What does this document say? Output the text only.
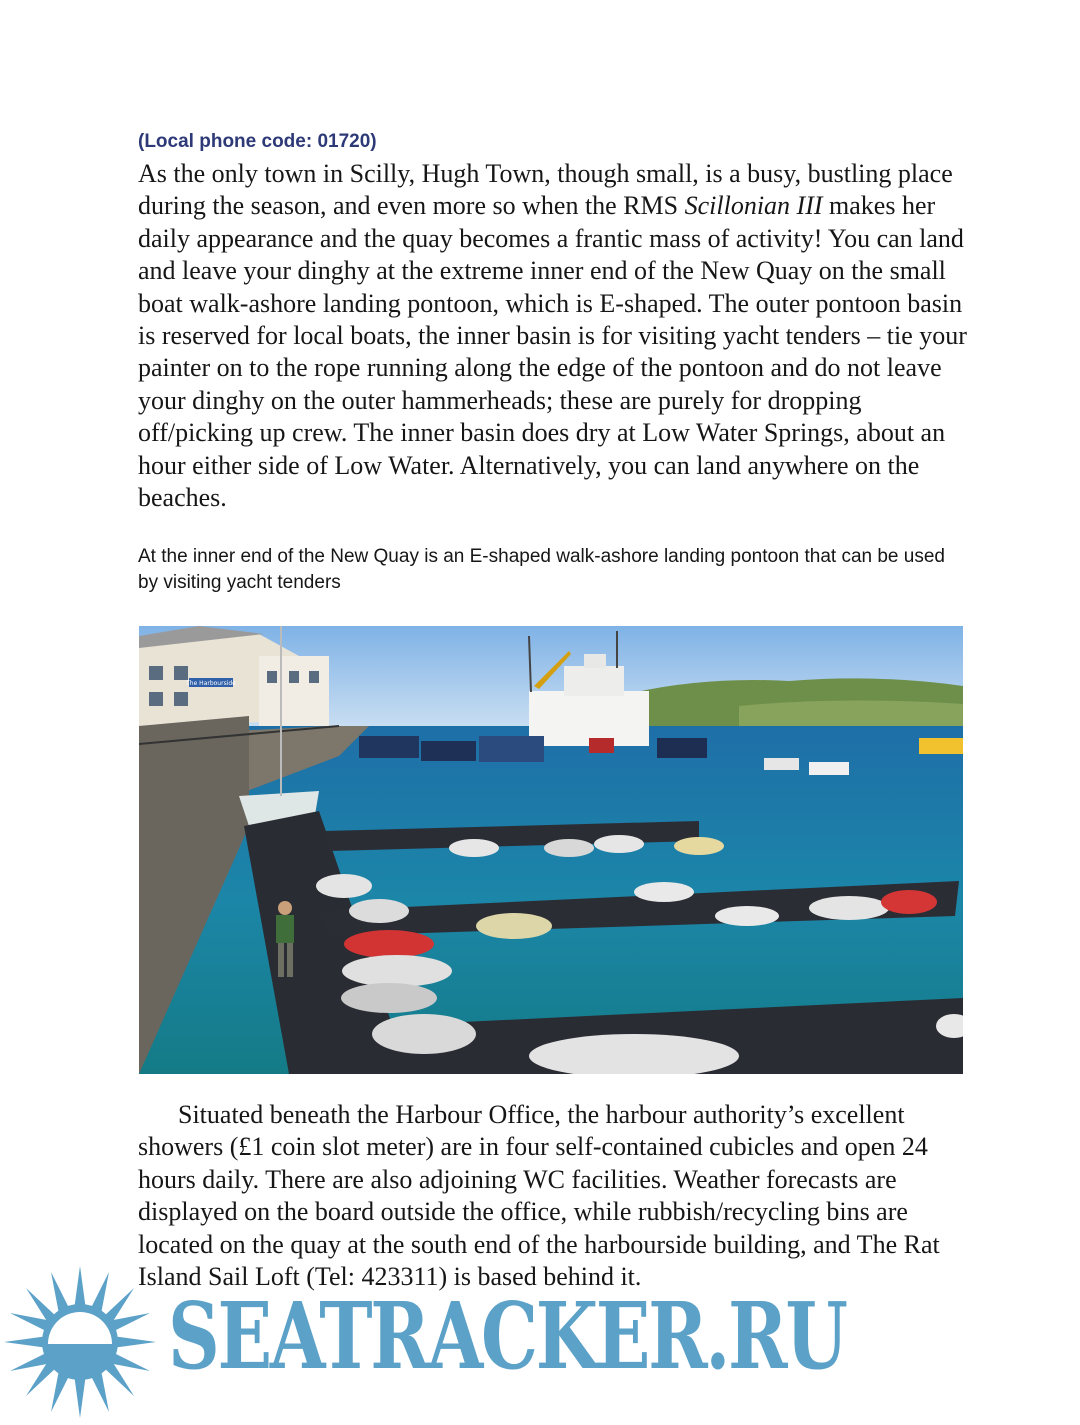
(Local phone code: 01720)

As the only town in Scilly, Hugh Town, though small, is a busy, bustling place during the season, and even more so when the RMS Scillonian III makes her daily appearance and the quay becomes a frantic mass of activity! You can land and leave your dinghy at the extreme inner end of the New Quay on the small boat walk-ashore landing pontoon, which is E-shaped. The outer pontoon basin is reserved for local boats, the inner basin is for visiting yacht tenders – tie your painter on to the rope running along the edge of the pontoon and do not leave your dinghy on the outer hammerheads; these are purely for dropping off/picking up crew. The inner basin does dry at Low Water Springs, about an hour either side of Low Water. Alternatively, you can land anywhere on the beaches.

At the inner end of the New Quay is an E-shaped walk-ashore landing pontoon that can be used by visiting yacht tenders

The Harbourside

Situated beneath the Harbour Office, the harbour authority’s excellent showers (£1 coin slot meter) are in four self-contained cubicles and open 24 hours daily. There are also adjoining WC facilities. Weather forecasts are displayed on the board outside the office, while rubbish/recycling bins are located on the quay at the south end of the harbourside building, and The Rat Island Sail Loft (Tel: 423311) is based behind it.

SEATRACKER.RU
